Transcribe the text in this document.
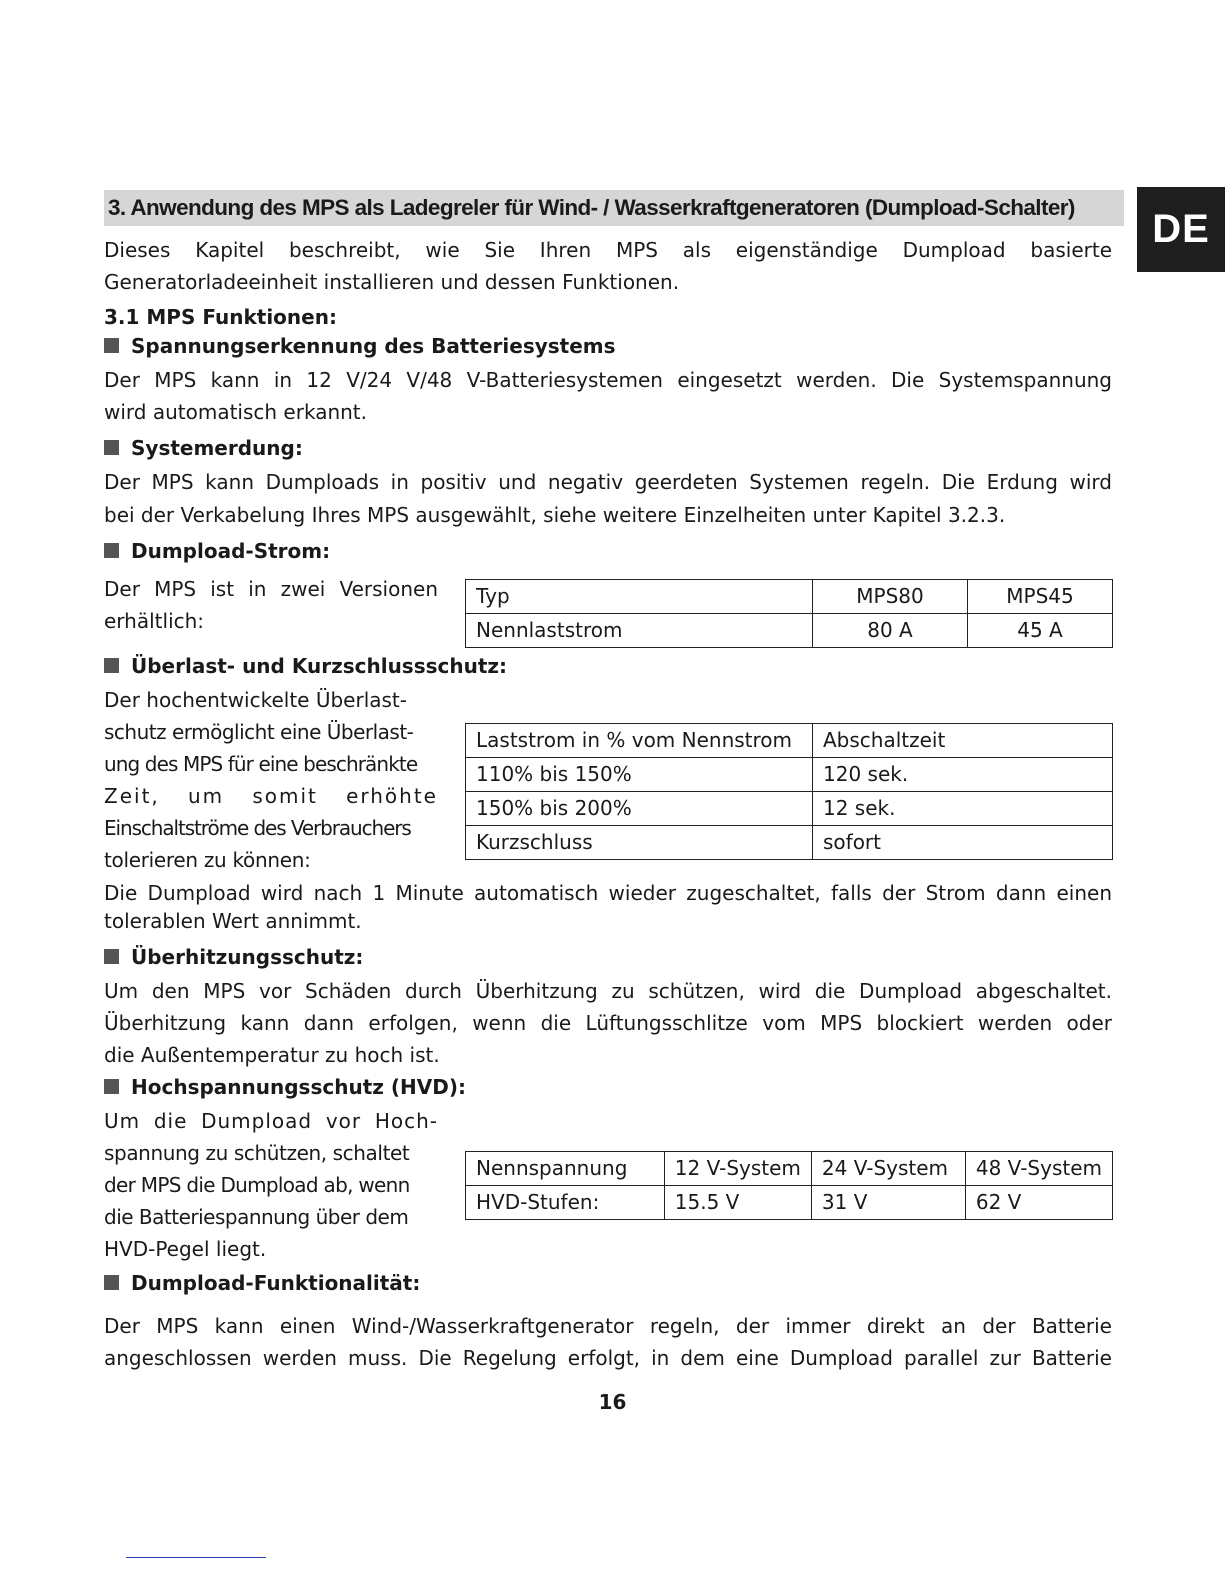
DE
3. Anwendung des MPS als Ladegreler für Wind- / Wasserkraftgeneratoren (Dumpload-Schalter)
Dieses Kapitel beschreibt, wie Sie Ihren MPS als eigenständige Dumpload basierte
Generatorladeeinheit installieren und dessen Funktionen.
3.1 MPS Funktionen:
Spannungserkennung des Batteriesystems
Der MPS kann in 12 V/24 V/48 V-Batteriesystemen eingesetzt werden. Die Systemspannung
wird automatisch erkannt.
Systemerdung:
Der MPS kann Dumploads in positiv und negativ geerdeten Systemen regeln. Die Erdung wird
bei der Verkabelung Ihres MPS ausgewählt, siehe weitere Einzelheiten unter Kapitel 3.2.3.
Dumpload-Strom:
Der MPS ist in zwei Versionen
erhältlich:
Typ	MPS80	MPS45
Nennlaststrom	80 A	45 A
Überlast- und Kurzschlussschutz:
Der hochentwickelte Überlast-
schutz ermöglicht eine Überlast-
ung des MPS für eine beschränkte
Zeit, um somit erhöhte
Einschaltströme des Verbrauchers
tolerieren zu können:
Laststrom in % vom Nennstrom	Abschaltzeit
110% bis 150%	120 sek.
150% bis 200%	12 sek.
Kurzschluss	sofort
Die Dumpload wird nach 1 Minute automatisch wieder zugeschaltet, falls der Strom dann einen
tolerablen Wert annimmt.
Überhitzungsschutz:
Um den MPS vor Schäden durch Überhitzung zu schützen, wird die Dumpload abgeschaltet.
Überhitzung kann dann erfolgen, wenn die Lüftungsschlitze vom MPS blockiert werden oder
die Außentemperatur zu hoch ist.
Hochspannungsschutz (HVD):
Um die Dumpload vor Hoch-
spannung zu schützen, schaltet
der MPS die Dumpload ab, wenn
die Batteriespannung über dem
HVD-Pegel liegt.
Nennspannung	12 V-System	24 V-System	48 V-System
HVD-Stufen:	15.5 V	31 V	62 V
Dumpload-Funktionalität:
Der MPS kann einen Wind-/Wasserkraftgenerator regeln, der immer direkt an der Batterie
angeschlossen werden muss. Die Regelung erfolgt, in dem eine Dumpload parallel zur Batterie
16
